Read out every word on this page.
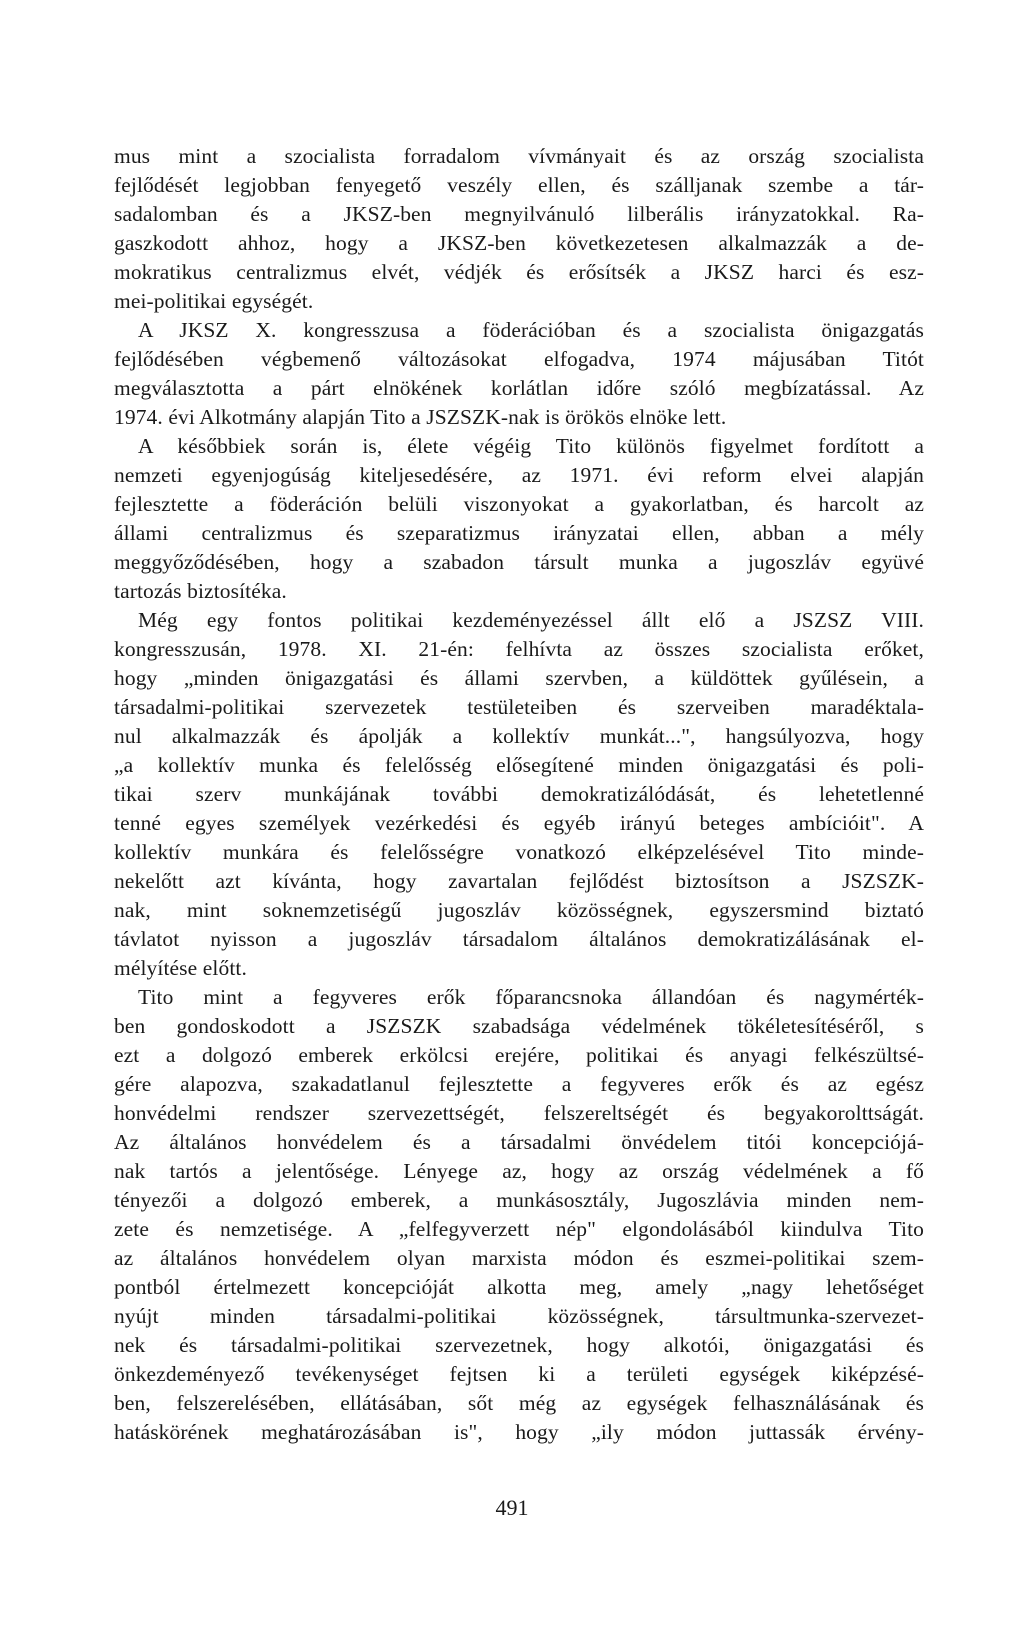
mus mint a szocialista forradalom vívmányait és az ország szocialista
fejlődését legjobban fenyegető veszély ellen, és szálljanak szembe a tár-
sadalomban és a JKSZ-ben megnyilvánuló lilberális irányzatokkal. Ra-
gaszkodott ahhoz, hogy a JKSZ-ben következetesen alkalmazzák a de-
mokratikus centralizmus elvét, védjék és erősítsék a JKSZ harci és esz-
mei-politikai egységét.
A JKSZ X. kongresszusa a föderációban és a szocialista önigazgatás
fejlődésében végbemenő változásokat elfogadva, 1974 májusában Titót
megválasztotta a párt elnökének korlátlan időre szóló megbízatással. Az
1974. évi Alkotmány alapján Tito a JSZSZK-nak is örökös elnöke lett.
A későbbiek során is, élete végéig Tito különös figyelmet fordított a
nemzeti egyenjogúság kiteljesedésére, az 1971. évi reform elvei alapján
fejlesztette a föderáción belüli viszonyokat a gyakorlatban, és harcolt az
állami centralizmus és szeparatizmus irányzatai ellen, abban a mély
meggyőződésében, hogy a szabadon társult munka a jugoszláv együvé
tartozás biztosítéka.
Még egy fontos politikai kezdeményezéssel állt elő a JSZSZ VIII.
kongresszusán, 1978. XI. 21-én: felhívta az összes szocialista erőket,
hogy „minden önigazgatási és állami szervben, a küldöttek gyűlésein, a
társadalmi-politikai szervezetek testületeiben és szerveiben maradéktala-
nul alkalmazzák és ápolják a kollektív munkát...", hangsúlyozva, hogy
„a kollektív munka és felelősség elősegítené minden önigazgatási és poli-
tikai szerv munkájának további demokratizálódását, és lehetetlenné
tenné egyes személyek vezérkedési és egyéb irányú beteges ambícióit". A
kollektív munkára és felelősségre vonatkozó elképzelésével Tito minde-
nekelőtt azt kívánta, hogy zavartalan fejlődést biztosítson a JSZSZK-
nak, mint soknemzetiségű jugoszláv közösségnek, egyszersmind biztató
távlatot nyisson a jugoszláv társadalom általános demokratizálásának el-
mélyítése előtt.
Tito mint a fegyveres erők főparancsnoka állandóan és nagymérték-
ben gondoskodott a JSZSZK szabadsága védelmének tökéletesítéséről, s
ezt a dolgozó emberek erkölcsi erejére, politikai és anyagi felkészültsé-
gére alapozva, szakadatlanul fejlesztette a fegyveres erők és az egész
honvédelmi rendszer szervezettségét, felszereltségét és begyakorolttságát.
Az általános honvédelem és a társadalmi önvédelem titói koncepciójá-
nak tartós a jelentősége. Lényege az, hogy az ország védelmének a fő
tényezői a dolgozó emberek, a munkásosztály, Jugoszlávia minden nem-
zete és nemzetisége. A „felfegyverzett nép" elgondolásából kiindulva Tito
az általános honvédelem olyan marxista módon és eszmei-politikai szem-
pontból értelmezett koncepcióját alkotta meg, amely „nagy lehetőséget
nyújt minden társadalmi-politikai közösségnek, társultmunka-szervezet-
nek és társadalmi-politikai szervezetnek, hogy alkotói, önigazgatási és
önkezdeményező tevékenységet fejtsen ki a területi egységek kiképzésé-
ben, felszerelésében, ellátásában, sőt még az egységek felhasználásának és
hatáskörének meghatározásában is", hogy „ily módon juttassák érvény-
491
